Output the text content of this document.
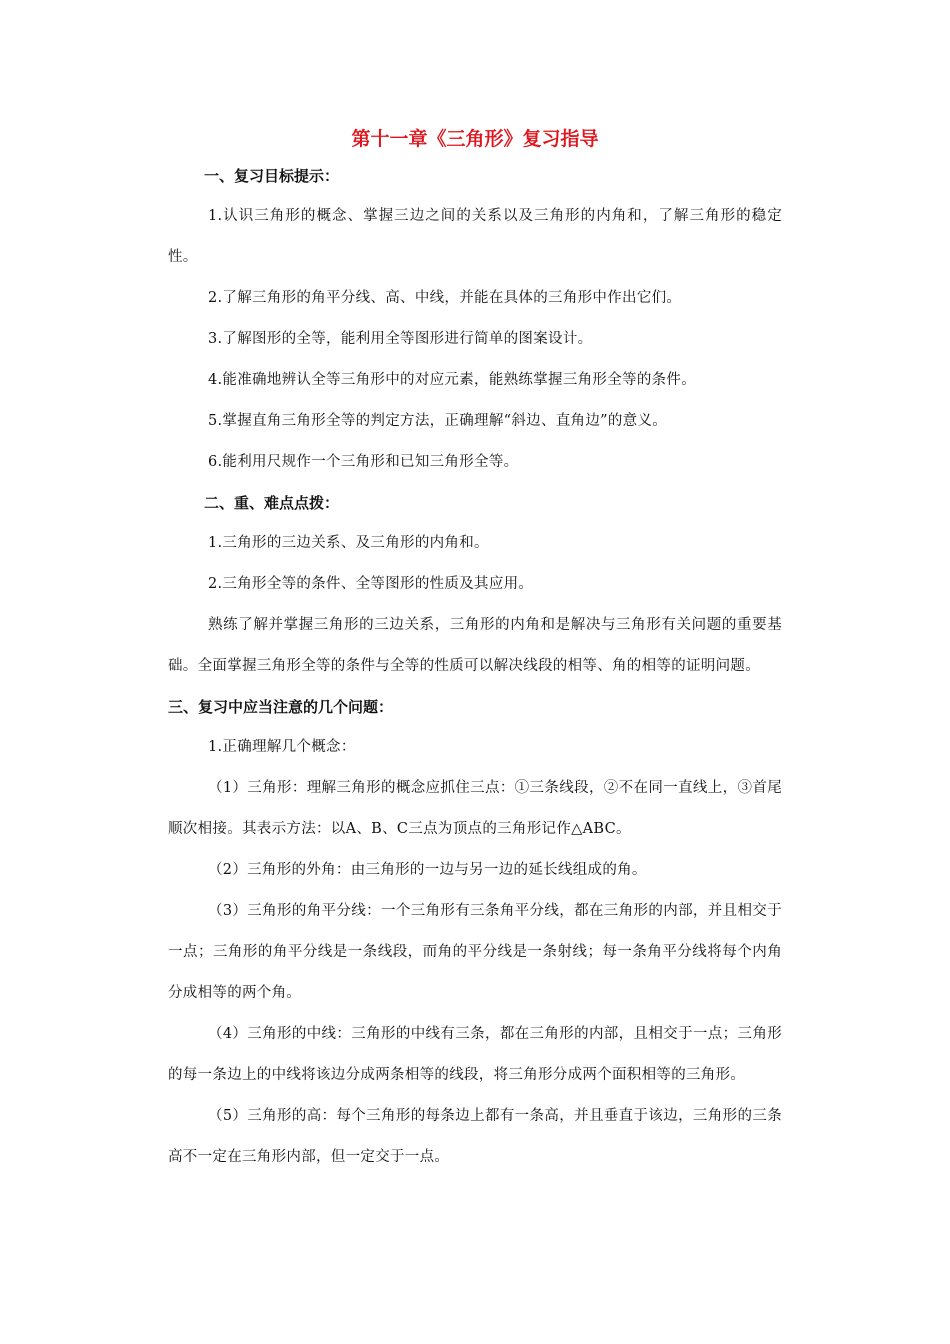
第十一章《三角形》复习指导

一、复习目标提示：

1.认识三角形的概念、掌握三边之间的关系以及三角形的内角和，了解三角形的稳定性。

2.了解三角形的角平分线、高、中线，并能在具体的三角形中作出它们。

3.了解图形的全等，能利用全等图形进行简单的图案设计。

4.能准确地辨认全等三角形中的对应元素，能熟练掌握三角形全等的条件。

5.掌握直角三角形全等的判定方法，正确理解“斜边、直角边”的意义。

6.能利用尺规作一个三角形和已知三角形全等。

二、重、难点点拨：

1.三角形的三边关系、及三角形的内角和。

2.三角形全等的条件、全等图形的性质及其应用。

熟练了解并掌握三角形的三边关系，三角形的内角和是解决与三角形有关问题的重要基础。全面掌握三角形全等的条件与全等的性质可以解决线段的相等、角的相等的证明问题。

三、复习中应当注意的几个问题：

1.正确理解几个概念：

（1）三角形：理解三角形的概念应抓住三点：①三条线段，②不在同一直线上，③首尾顺次相接。其表示方法：以A、B、C三点为顶点的三角形记作△ABC。

（2）三角形的外角：由三角形的一边与另一边的延长线组成的角。

（3）三角形的角平分线：一个三角形有三条角平分线，都在三角形的内部，并且相交于一点；三角形的角平分线是一条线段，而角的平分线是一条射线；每一条角平分线将每个内角分成相等的两个角。

（4）三角形的中线：三角形的中线有三条，都在三角形的内部，且相交于一点；三角形的每一条边上的中线将该边分成两条相等的线段，将三角形分成两个面积相等的三角形。

（5）三角形的高：每个三角形的每条边上都有一条高，并且垂直于该边，三角形的三条高不一定在三角形内部，但一定交于一点。
